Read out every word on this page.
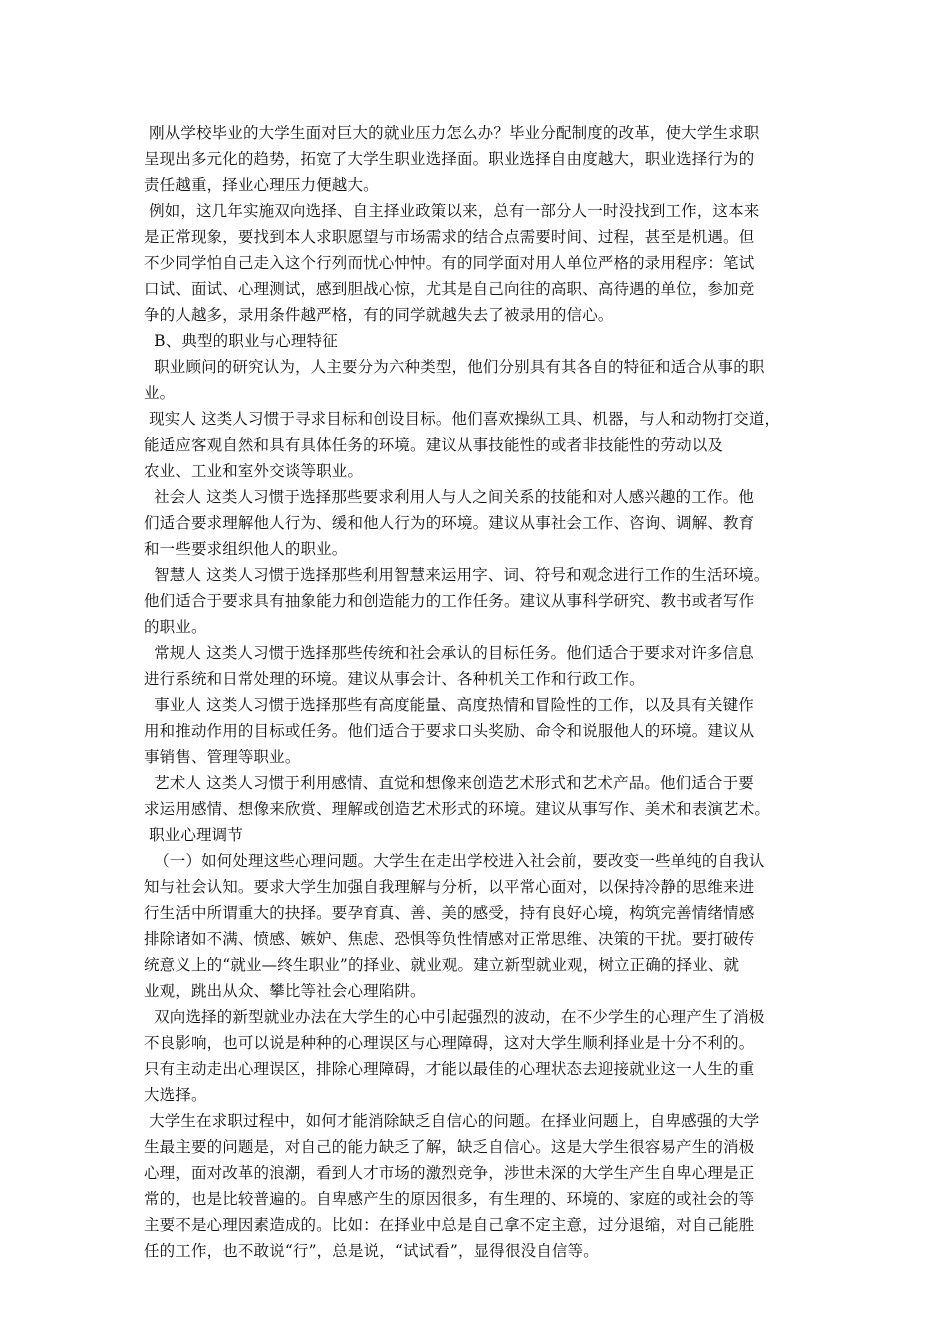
刚从学校毕业的大学生面对巨大的就业压力怎么办？毕业分配制度的改革，使大学生求职
呈现出多元化的趋势，拓宽了大学生职业选择面。职业选择自由度越大，职业选择行为的
责任越重，择业心理压力便越大。
例如，这几年实施双向选择、自主择业政策以来，总有一部分人一时没找到工作，这本来
是正常现象，要找到本人求职愿望与市场需求的结合点需要时间、过程，甚至是机遇。但
不少同学怕自己走入这个行列而忧心忡忡。有的同学面对用人单位严格的录用程序：笔试
口试、面试、心理测试，感到胆战心惊，尤其是自己向往的高职、高待遇的单位，参加竞
争的人越多，录用条件越严格，有的同学就越失去了被录用的信心。
B、典型的职业与心理特征
职业顾问的研究认为，人主要分为六种类型，他们分别具有其各自的特征和适合从事的职
业。
现实人 这类人习惯于寻求目标和创设目标。他们喜欢操纵工具、机器，与人和动物打交道，
能适应客观自然和具有具体任务的环境。建议从事技能性的或者非技能性的劳动以及
农业、工业和室外交谈等职业。
社会人 这类人习惯于选择那些要求利用人与人之间关系的技能和对人感兴趣的工作。他
们适合要求理解他人行为、缓和他人行为的环境。建议从事社会工作、咨询、调解、教育
和一些要求组织他人的职业。
智慧人 这类人习惯于选择那些利用智慧来运用字、词、符号和观念进行工作的生活环境。
他们适合于要求具有抽象能力和创造能力的工作任务。建议从事科学研究、教书或者写作
的职业。
常规人 这类人习惯于选择那些传统和社会承认的目标任务。他们适合于要求对许多信息
进行系统和日常处理的环境。建议从事会计、各种机关工作和行政工作。
事业人 这类人习惯于选择那些有高度能量、高度热情和冒险性的工作，以及具有关键作
用和推动作用的目标或任务。他们适合于要求口头奖励、命令和说服他人的环境。建议从
事销售、管理等职业。
艺术人 这类人习惯于利用感情、直觉和想像来创造艺术形式和艺术产品。他们适合于要
求运用感情、想像来欣赏、理解或创造艺术形式的环境。建议从事写作、美术和表演艺术。
职业心理调节
（一）如何处理这些心理问题。大学生在走出学校进入社会前，要改变一些单纯的自我认
知与社会认知。要求大学生加强自我理解与分析，以平常心面对，以保持冷静的思维来进
行生活中所谓重大的抉择。要孕育真、善、美的感受，持有良好心境，构筑完善情绪情感
排除诸如不满、愤感、嫉妒、焦虑、恐惧等负性情感对正常思维、决策的干扰。要打破传
统意义上的“就业—终生职业”的择业、就业观。建立新型就业观，树立正确的择业、就
业观，跳出从众、攀比等社会心理陷阱。
双向选择的新型就业办法在大学生的心中引起强烈的波动，在不少学生的心理产生了消极
不良影响，也可以说是种种的心理误区与心理障碍，这对大学生顺利择业是十分不利的。
只有主动走出心理误区，排除心理障碍，才能以最佳的心理状态去迎接就业这一人生的重
大选择。
大学生在求职过程中，如何才能消除缺乏自信心的问题。在择业问题上，自卑感强的大学
生最主要的问题是，对自己的能力缺乏了解，缺乏自信心。这是大学生很容易产生的消极
心理，面对改革的浪潮，看到人才市场的激烈竞争，涉世未深的大学生产生自卑心理是正
常的，也是比较普遍的。自卑感产生的原因很多，有生理的、环境的、家庭的或社会的等
主要不是心理因素造成的。比如：在择业中总是自己拿不定主意，过分退缩，对自己能胜
任的工作，也不敢说“行”，总是说，“试试看”，显得很没自信等。
